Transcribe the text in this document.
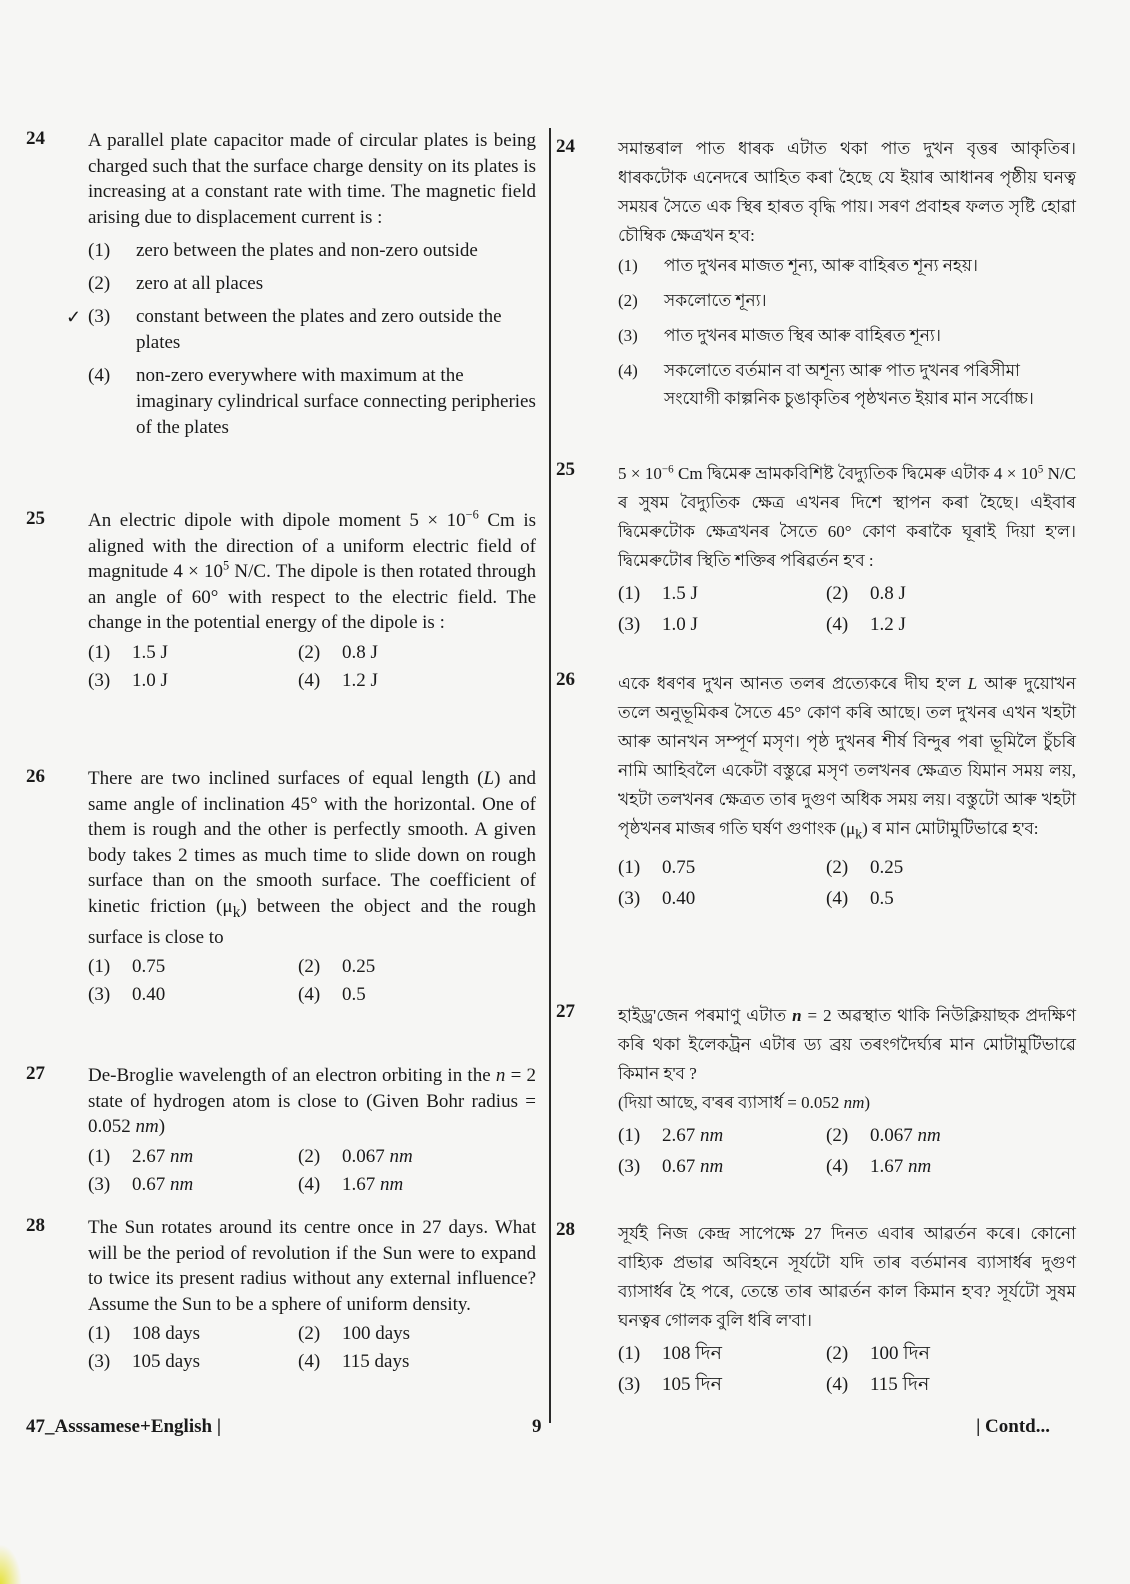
24 A parallel plate capacitor made of circular plates is being charged such that the surface charge density on its plates is increasing at a constant rate with time. The magnetic field arising due to displacement current is :

(1)	zero between the plates and non-zero outside
(2)	zero at all places
✓ (3)	constant between the plates and zero outside the plates
(4)	non-zero everywhere with maximum at the imaginary cylindrical surface connecting peripheries of the plates
25 An electric dipole with dipole moment $5 \times 10^{-6}$ Cm is aligned with the direction of a uniform electric field of magnitude $4 \times 10^5$ N/C. The dipole is then rotated through an angle of 60° with respect to the electric field. The change in the potential energy of the dipole is :

(1)	1.5 J	(2)	0.8 J
(3)	1.0 J	(4)	1.2 J
26 There are two inclined surfaces of equal length (L) and same angle of inclination 45° with the horizontal. One of them is rough and the other is perfectly smooth. A given body takes 2 times as much time to slide down on rough surface than on the smooth surface. The coefficient of kinetic friction $(\mu_k)$ between the object and the rough surface is close to

(1)	0.75	(2)	0.25
(3)	0.40	(4)	0.5
27 De-Broglie wavelength of an electron orbiting in the n = 2 state of hydrogen atom is close to (Given Bohr radius = 0.052 nm)

(1)	2.67 nm	(2)	0.067 nm
(3)	0.67 nm	(4)	1.67 nm
28 The Sun rotates around its centre once in 27 days. What will be the period of revolution if the Sun were to expand to twice its present radius without any external influence? Assume the Sun to be a sphere of uniform density.

(1)	108 days	(2)	100 days
(3)	105 days	(4)	115 days
24	সমান্তৰাল পাত ধাৰক এটাত থকা পাত দুখন বৃত্তৰ আকৃতিৰ। ধাৰকটোক এনেদৰে আহিত কৰা হৈছে যে ইয়াৰ আধানৰ পৃষ্ঠীয় ঘনত্ব সময়ৰ সৈতে এক স্থিৰ হাৰত বৃদ্ধি পায়। সৰণ প্ৰবাহৰ ফলত সৃষ্টি হোৱা চৌম্বিক ক্ষেত্ৰখন হ'ব:

(1)	পাত দুখনৰ মাজত শূন্য, আৰু বাহিৰত শূন্য নহয়।
(2)	সকলোতে শূন্য।
(3)	পাত দুখনৰ মাজত স্থিৰ আৰু বাহিৰত শূন্য।
(4)	সকলোতে বৰ্তমান বা অশূন্য আৰু পাত দুখনৰ পৰিসীমা সংযোগী কাল্পনিক চুঙাকৃতিৰ পৃষ্ঠখনত ইয়াৰ মান সৰ্বোচ্চ।
25	$5 \times 10^{-6}$ Cm দ্বিমেৰু ভ্ৰামকবিশিষ্ট বৈদ্যুতিক দ্বিমেৰু এটাক $4 \times 10^5$ N/C ৰ সুষম বৈদ্যুতিক ক্ষেত্ৰ এখনৰ দিশে স্থাপন কৰা হৈছে। এইবাৰ দ্বিমেৰুটোক ক্ষেত্ৰখনৰ সৈতে 60° কোণ কৰাকৈ ঘূৰাই দিয়া হ'ল। দ্বিমেৰুটোৰ স্থিতি শক্তিৰ পৰিৱৰ্তন হ'ব :

(1)	1.5 J	(2)	0.8 J
(3)	1.0 J	(4)	1.2 J
26	একে ধৰণৰ দুখন আনত তলৰ প্ৰত্যেকৰে দীঘ হ'ল L আৰু দুয়োখন তলে অনুভূমিকৰ সৈতে 45° কোণ কৰি আছে। তল দুখনৰ এখন খহটা আৰু আনখন সম্পূৰ্ণ মসৃণ। পৃষ্ঠ দুখনৰ শীৰ্ষ বিন্দুৰ পৰা ভূমিলৈ চুঁচৰি নামি আহিবলৈ একেটা বস্তুৱে মসৃণ তলখনৰ ক্ষেত্ৰত যিমান সময় লয়, খহটা তলখনৰ ক্ষেত্ৰত তাৰ দুগুণ অধিক সময় লয়। বস্তুটো আৰু খহটা পৃষ্ঠখনৰ মাজৰ গতি ঘৰ্ষণ গুণাংক $(\mu_k)$ ৰ মান মোটামুটিভাৱে হ'ব:

(1)	0.75	(2)	0.25
(3)	0.40	(4)	0.5
27	হাইড্ৰ'জেন পৰমাণু এটাত n = 2 অৱস্থাত থাকি নিউক্লিয়াছক প্ৰদক্ষিণ কৰি থকা ইলেকট্ৰন এটাৰ ড্য ব্ৰয় তৰংগদৈৰ্ঘ্যৰ মান মোটামুটিভাৱে কিমান হ'ব ?
(দিয়া আছে, ব'ৰৰ ব্যাসাৰ্ধ = 0.052 nm)

(1)	2.67 nm	(2)	0.067 nm
(3)	0.67 nm	(4)	1.67 nm
28	সূৰ্যই নিজ কেন্দ্ৰ সাপেক্ষে 27 দিনত এবাৰ আৱৰ্তন কৰে। কোনো বাহ্যিক প্ৰভাৱ অবিহনে সূৰ্যটো যদি তাৰ বৰ্তমানৰ ব্যাসাৰ্ধৰ দুগুণ ব্যাসাৰ্ধৰ হৈ পৰে, তেন্তে তাৰ আৱৰ্তন কাল কিমান হ'ব? সূৰ্যটো সুষম ঘনত্বৰ গোলক বুলি ধৰি ল'বা।

(1)	108 দিন	(2)	100 দিন
(3)	105 দিন	(4)	115 দিন
47_Asssamese+English |	9	| Contd...
